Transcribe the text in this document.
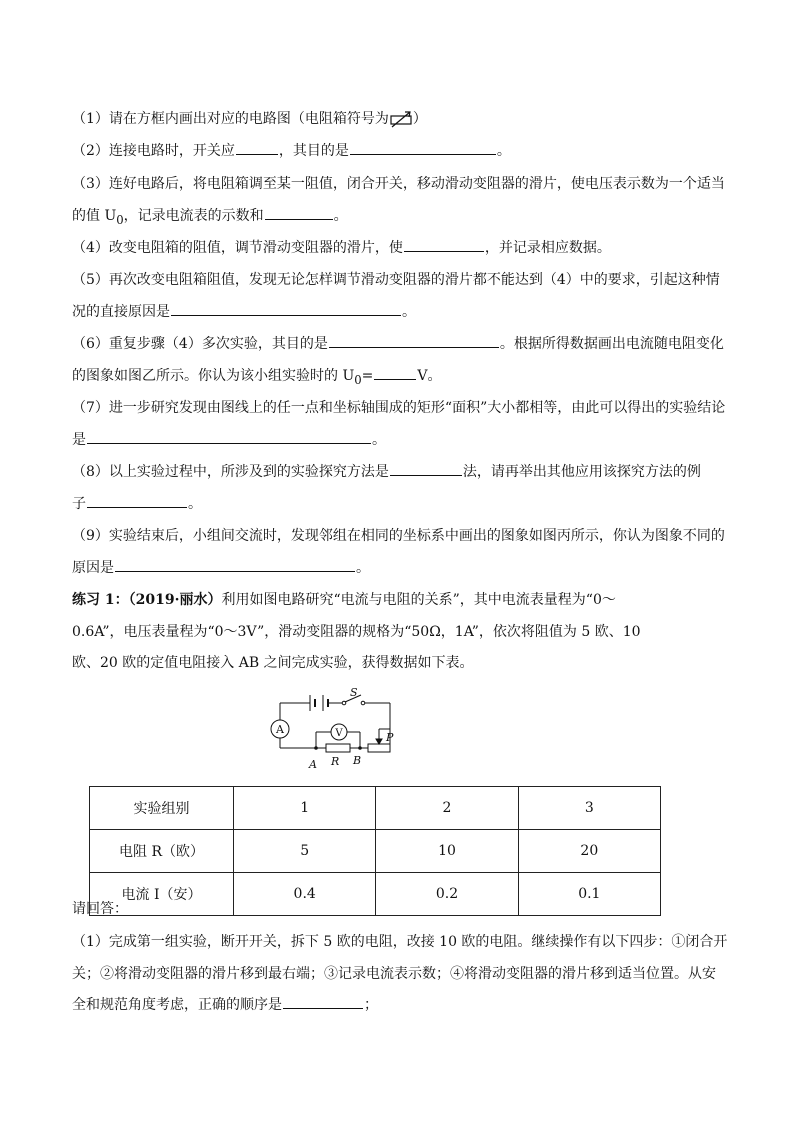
（1）请在方框内画出对应的电路图（电阻箱符号为 ）

（2）连接电路时，开关应	，其目的是	。

（3）连好电路后，将电阻箱调至某一阻值，闭合开关，移动滑动变阻器的滑片，使电压表示数为一个适当
的值 $U_0$，记录电流表的示数和	。

（4）改变电阻箱的阻值，调节滑动变阻器的滑片，使	，并记录相应数据。

（5）再次改变电阻箱阻值，发现无论怎样调节滑动变阻器的滑片都不能达到（4）中的要求，引起这种情
况的直接原因是	。

（6）重复步骤（4）多次实验，其目的是	。根据所得数据画出电流随电阻变化
的图象如图乙所示。你认为该小组实验时的 $U_0=$	V。

（7）进一步研究发现由图线上的任一点和坐标轴围成的矩形“面积”大小都相等，由此可以得出的实验结论
是	。

（8）以上实验过程中，所涉及到的实验探究方法是	法，请再举出其他应用该探究方法的例
子	。

（9）实验结束后，小组间交流时，发现邻组在相同的坐标系中画出的图象如图丙所示，你认为图象不同的
原因是	。

练习 1：（2019·丽水）利用如图电路研究“电流与电阻的关系”，其中电流表量程为“0～
0.6A”，电压表量程为“0～3V”，滑动变阻器的规格为“50Ω，1A”，依次将阻值为 5 欧、10
欧、20 欧的定值电阻接入 AB 之间完成实验，获得数据如下表。

A	V
S
P
A R B
实验组别	1	2	3
电阻 R（欧）	5	10	20
电流 I（安）	0.4	0.2	0.1

请回答：

（1）完成第一组实验，断开开关，拆下 5 欧的电阻，改接 10 欧的电阻。继续操作有以下四步：①闭合开
关；②将滑动变阻器的滑片移到最右端；③记录电流表示数；④将滑动变阻器的滑片移到适当位置。从安
全和规范角度考虑，正确的顺序是	；
